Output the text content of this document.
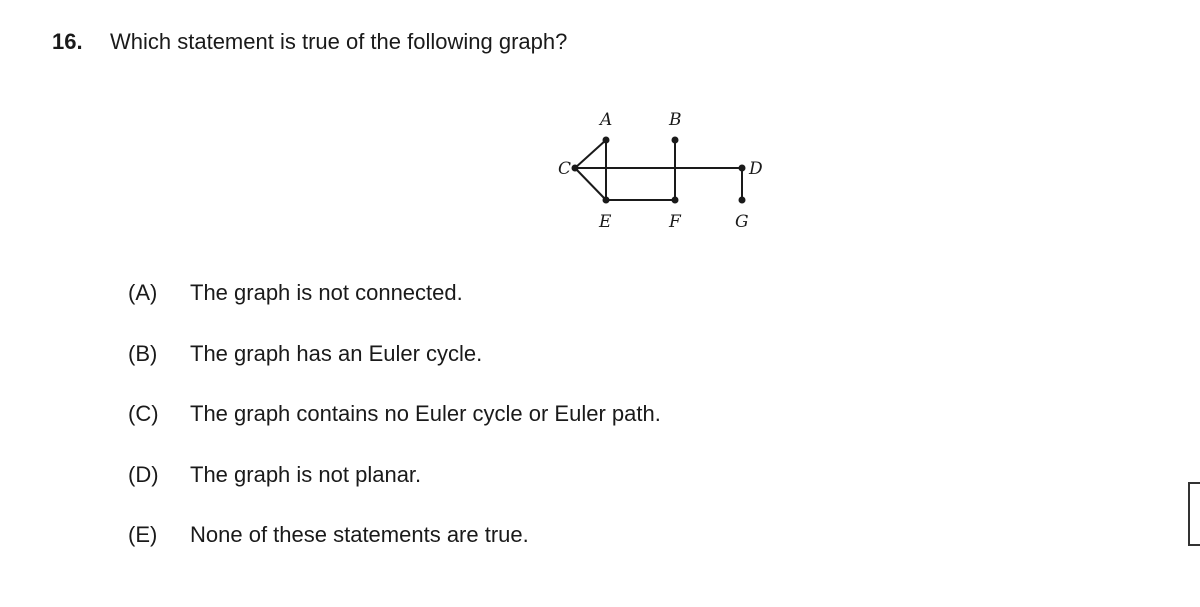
16.	Which statement is true of the following graph?
A	B
C	D
E	F	G
(A)	The graph is not connected.
(B)	The graph has an Euler cycle.
(C)	The graph contains no Euler cycle or Euler path.
(D)	The graph is not planar.
(E)	None of these statements are true.
